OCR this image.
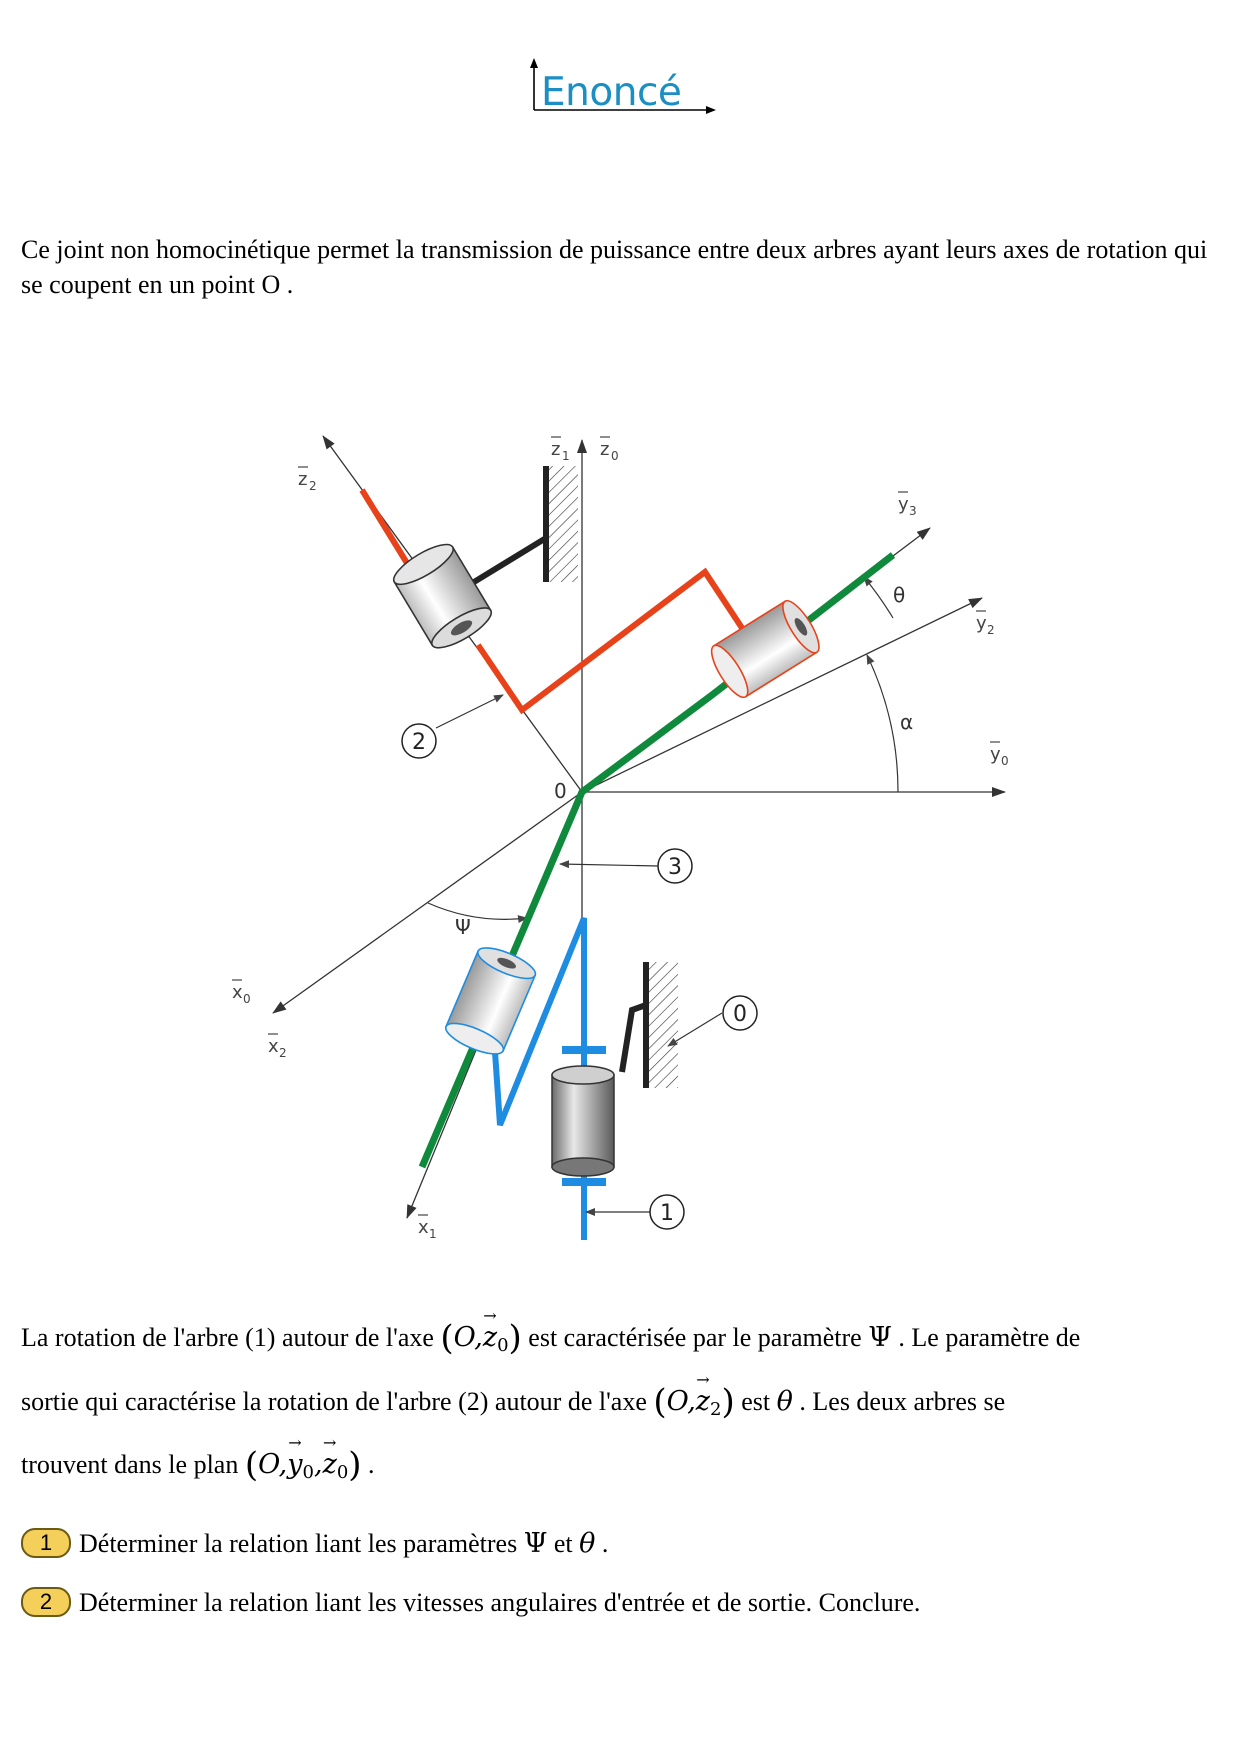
Enoncé

Ce joint non homocinétique permet la transmission de puissance entre deux arbres ayant leurs axes de rotation qui se coupent en un point O .

2
3
0
1
0
θ
α
Ψ
z 1 z 0
z 2
y 3
y 2
y 0
x 0
x 2
x 1
La rotation de l'arbre (1) autour de l'axe $(O,\to z_0)$ est caractérisée par le paramètre Ψ . Le paramètre de
sortie qui caractérise la rotation de l'arbre (2) autour de l'axe $(O,\to z_2)$ est θ . Les deux arbres se
trouvent dans le plan $(O,\to y_0,\to z_0)$ .
1 Déterminer la relation liant les paramètres Ψ et θ .
2 Déterminer la relation liant les vitesses angulaires d'entrée et de sortie. Conclure.
